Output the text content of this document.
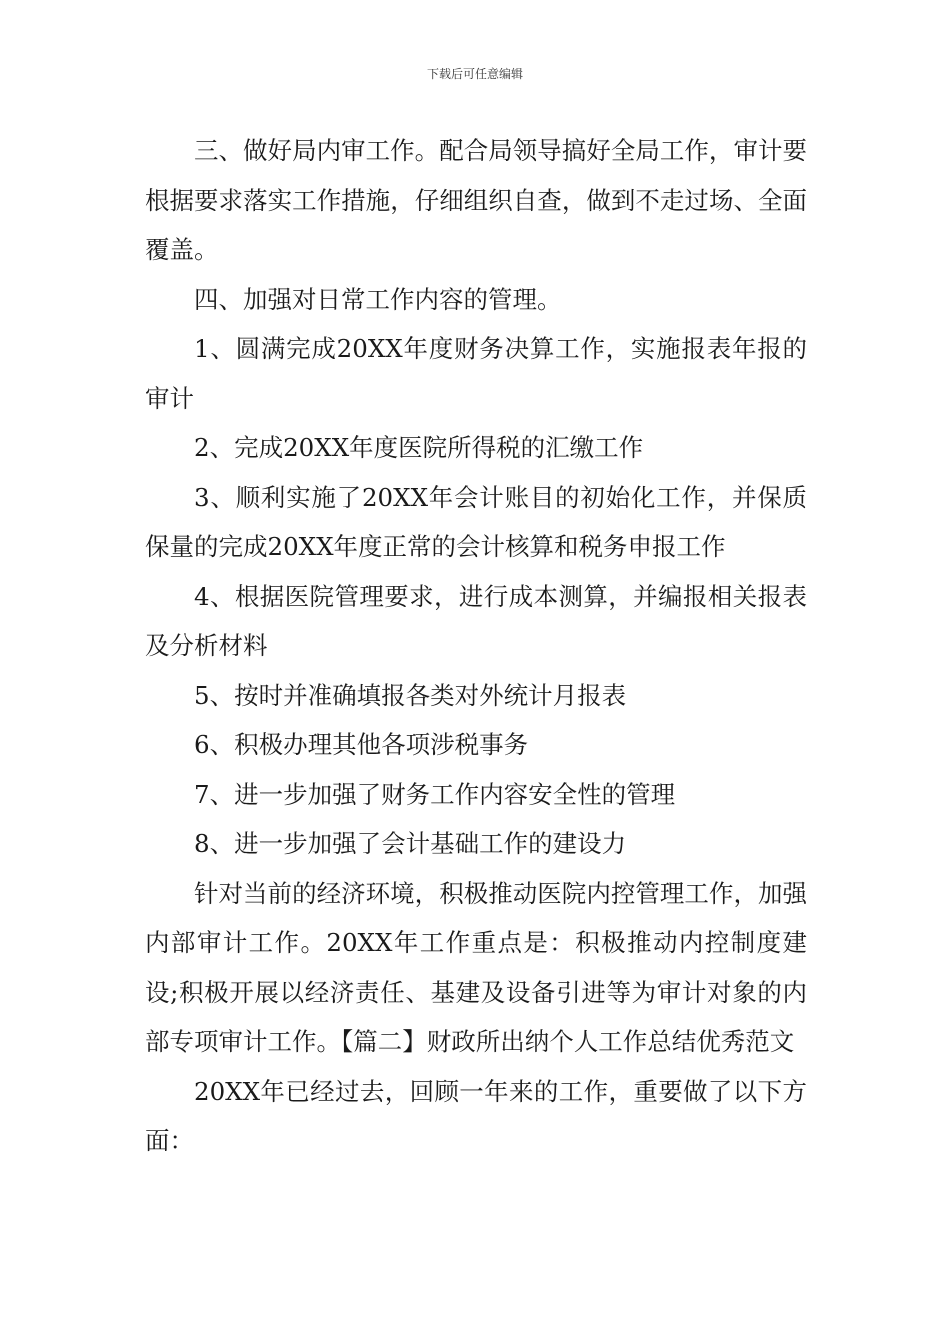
下载后可任意编辑

三、做好局内审工作。配合局领导搞好全局工作，审计要根据要求落实工作措施，仔细组织自查，做到不走过场、全面覆盖。

四、加强对日常工作内容的管理。

1、圆满完成20XX年度财务决算工作，实施报表年报的审计

2、完成20XX年度医院所得税的汇缴工作

3、顺利实施了20XX年会计账目的初始化工作，并保质保量的完成20XX年度正常的会计核算和税务申报工作

4、根据医院管理要求，进行成本测算，并编报相关报表及分析材料

5、按时并准确填报各类对外统计月报表

6、积极办理其他各项涉税事务

7、进一步加强了财务工作内容安全性的管理

8、进一步加强了会计基础工作的建设力

针对当前的经济环境，积极推动医院内控管理工作，加强内部审计工作。20XX年工作重点是：积极推动内控制度建设;积极开展以经济责任、基建及设备引进等为审计对象的内部专项审计工作。【篇二】财政所出纳个人工作总结优秀范文

20XX年已经过去，回顾一年来的工作，重要做了以下方面：
